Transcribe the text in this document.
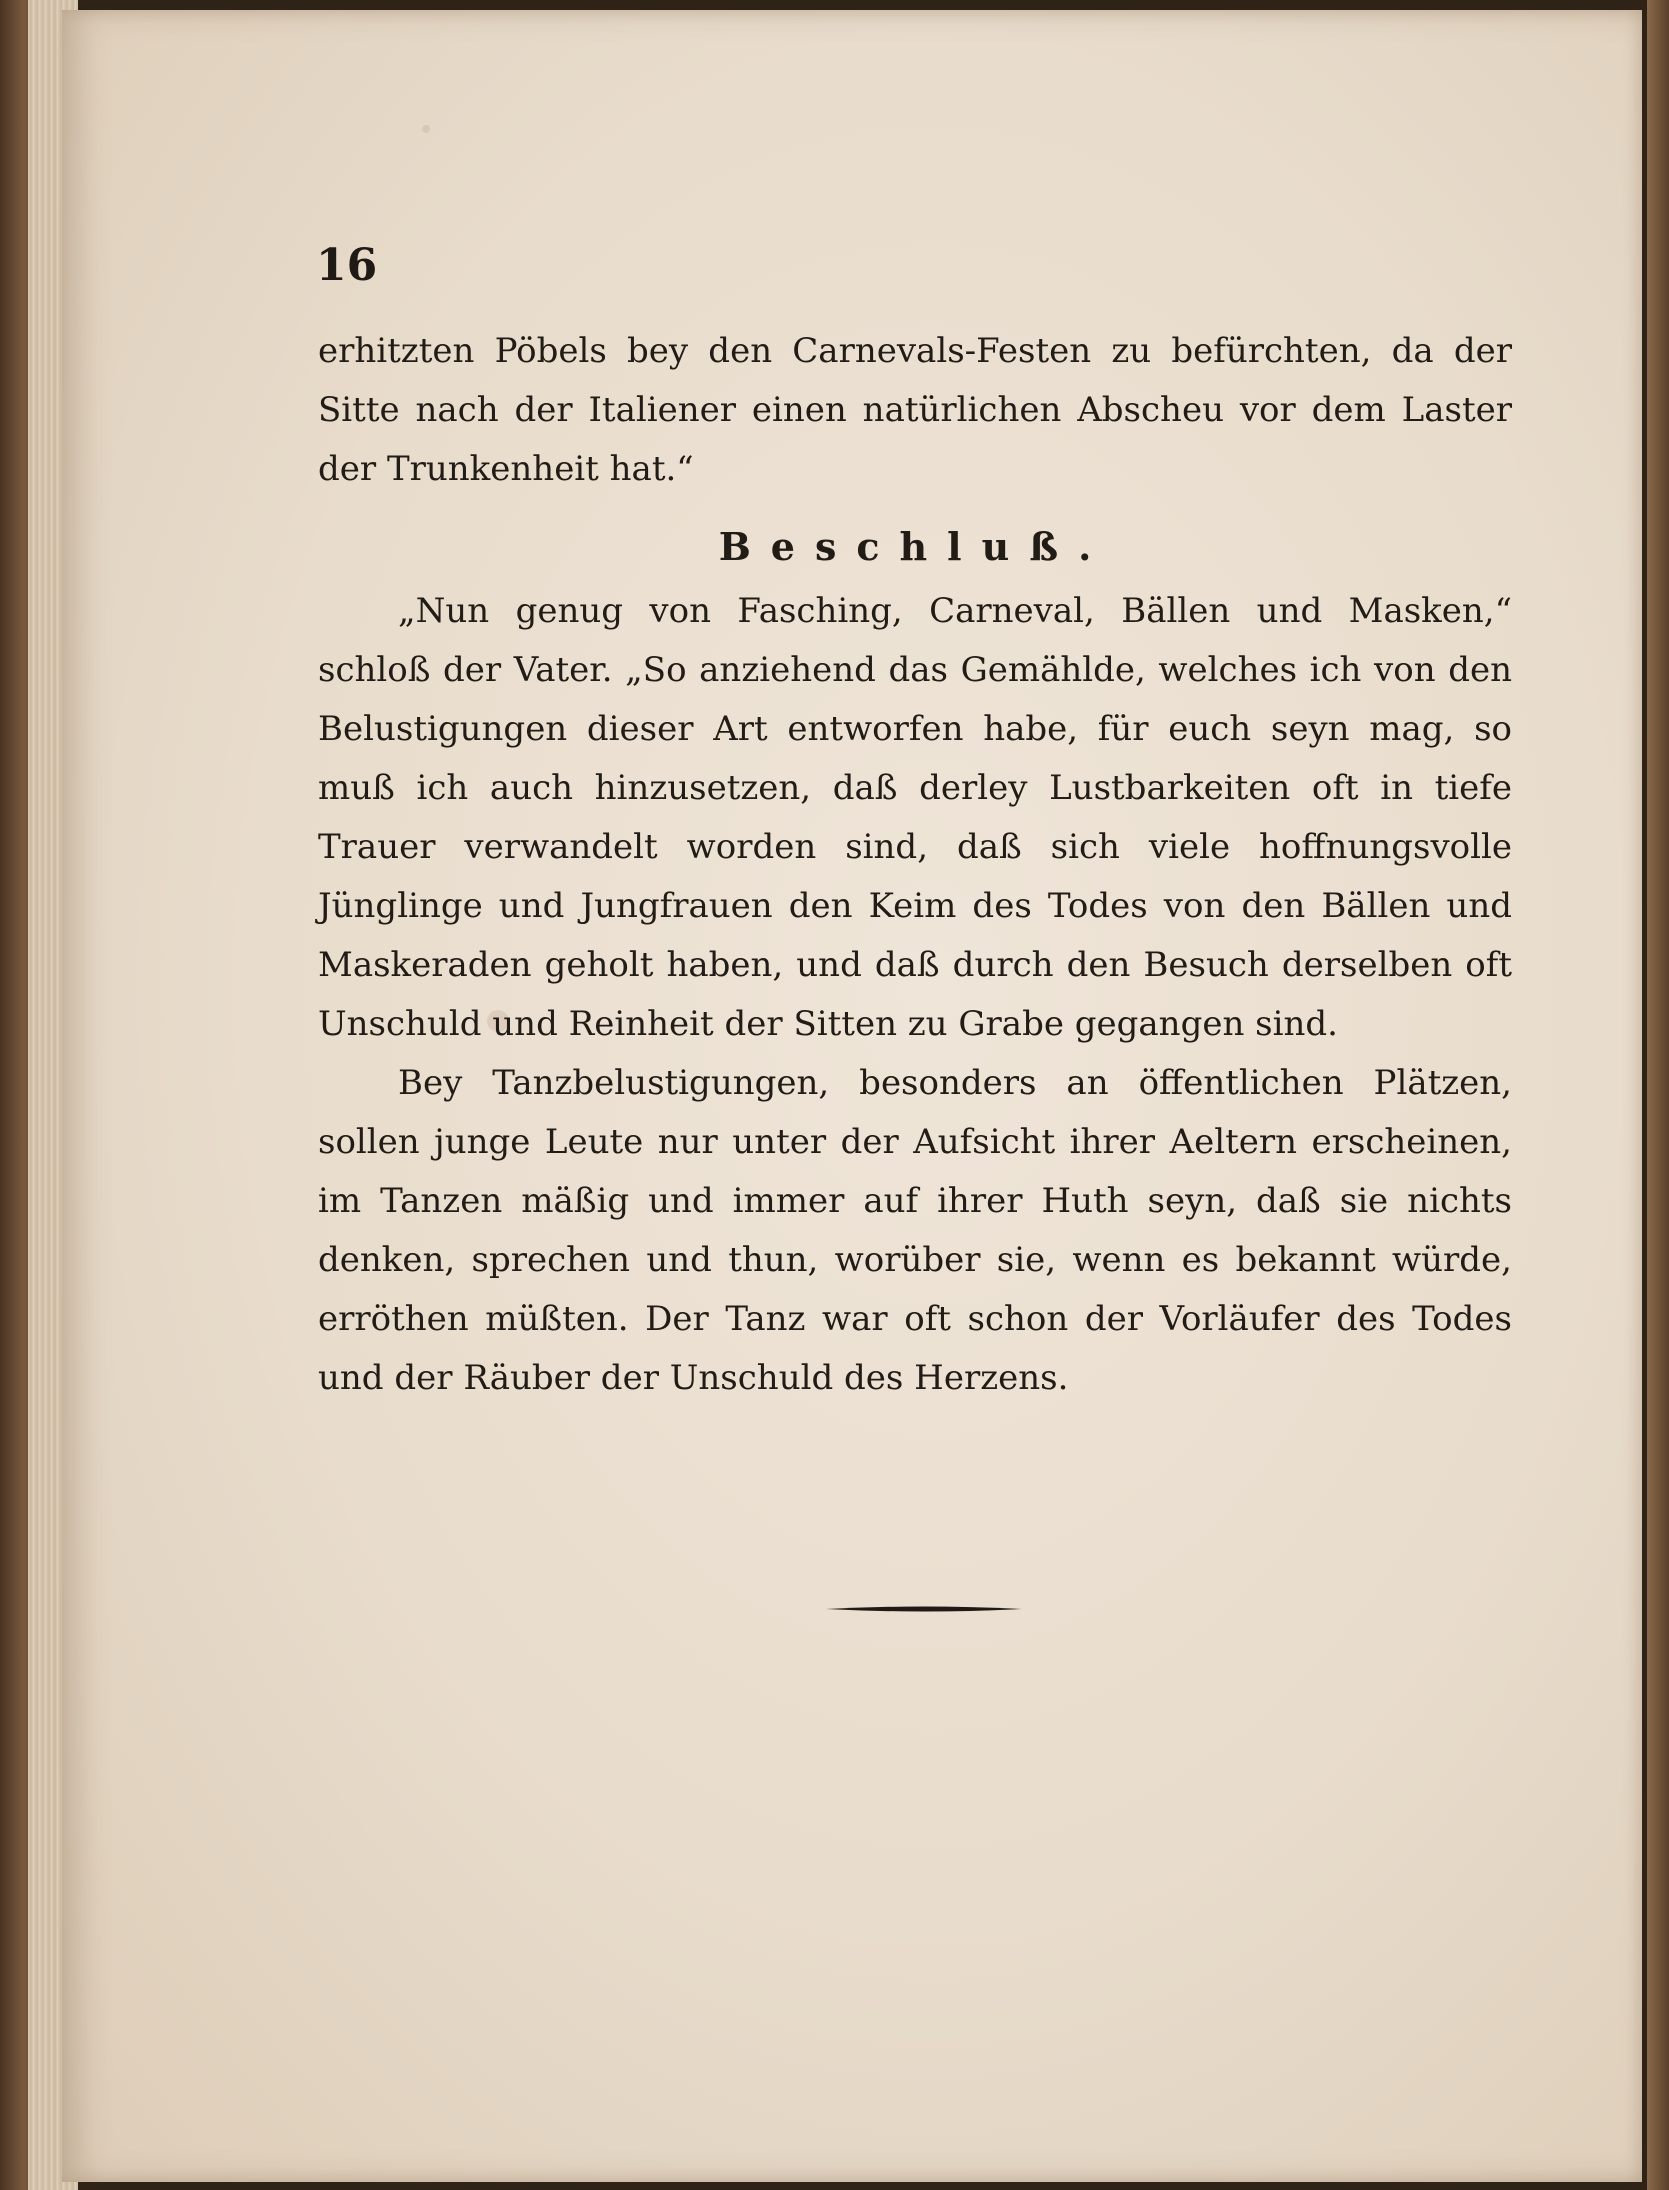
16

erhitzten Pöbels bey den Carnevals-Festen zu befürchten, da der Sitte nach der Italiener einen natürlichen Abscheu vor dem Laster der Trunkenheit hat.“

Beschluß.

„Nun genug von Fasching, Carneval, Bällen und Masken,“ schloß der Vater. „So anziehend das Gemählde, welches ich von den Belustigungen dieser Art entworfen habe, für euch seyn mag, so muß ich auch hinzusetzen, daß derley Lustbarkeiten oft in tiefe Trauer verwandelt worden sind, daß sich viele hoffnungsvolle Jünglinge und Jungfrauen den Keim des Todes von den Bällen und Maskeraden geholt haben, und daß durch den Besuch derselben oft Unschuld und Reinheit der Sitten zu Grabe gegangen sind.

Bey Tanzbelustigungen, besonders an öffentlichen Plätzen, sollen junge Leute nur unter der Aufsicht ihrer Aeltern erscheinen, im Tanzen mäßig und immer auf ihrer Huth seyn, daß sie nichts denken, sprechen und thun, worüber sie, wenn es bekannt würde, erröthen müßten. Der Tanz war oft schon der Vorläufer des Todes und der Räuber der Unschuld des Herzens.
